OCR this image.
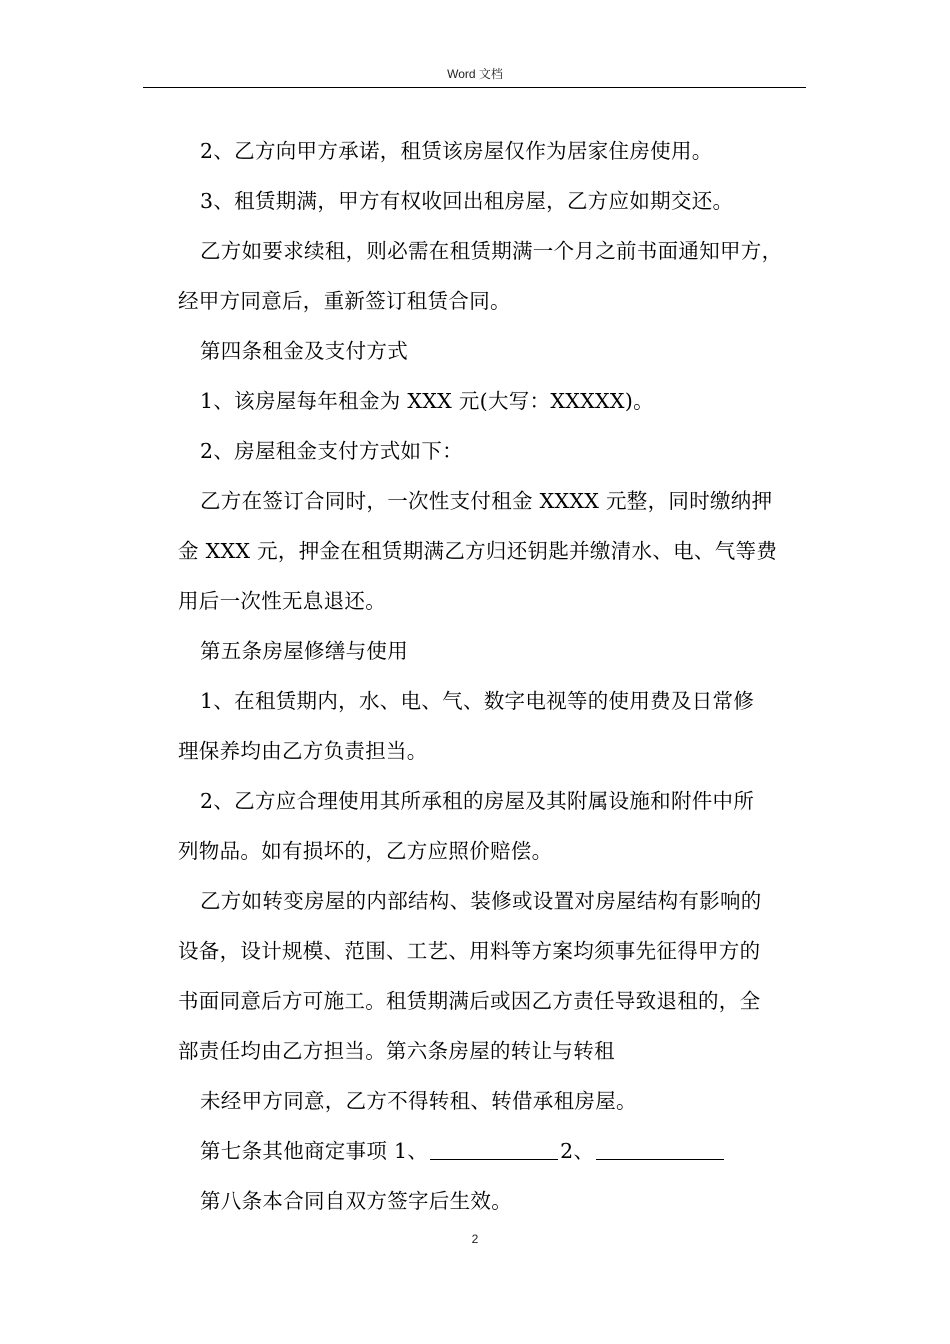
Word 文档
2、乙方向甲方承诺，租赁该房屋仅作为居家住房使用。
3、租赁期满，甲方有权收回出租房屋，乙方应如期交还。
乙方如要求续租，则必需在租赁期满一个月之前书面通知甲方，
经甲方同意后，重新签订租赁合同。
第四条租金及支付方式
1、该房屋每年租金为 XXX 元(大写：XXXXX)。
2、房屋租金支付方式如下：
乙方在签订合同时，一次性支付租金 XXXX 元整，同时缴纳押
金 XXX 元，押金在租赁期满乙方归还钥匙并缴清水、电、气等费
用后一次性无息退还。
第五条房屋修缮与使用
1、在租赁期内，水、电、气、数字电视等的使用费及日常修
理保养均由乙方负责担当。
2、乙方应合理使用其所承租的房屋及其附属设施和附件中所
列物品。如有损坏的，乙方应照价赔偿。
乙方如转变房屋的内部结构、装修或设置对房屋结构有影响的
设备，设计规模、范围、工艺、用料等方案均须事先征得甲方的
书面同意后方可施工。租赁期满后或因乙方责任导致退租的，全
部责任均由乙方担当。第六条房屋的转让与转租
未经甲方同意，乙方不得转租、转借承租房屋。
第七条其他商定事项 1、	2、
第八条本合同自双方签字后生效。
2
